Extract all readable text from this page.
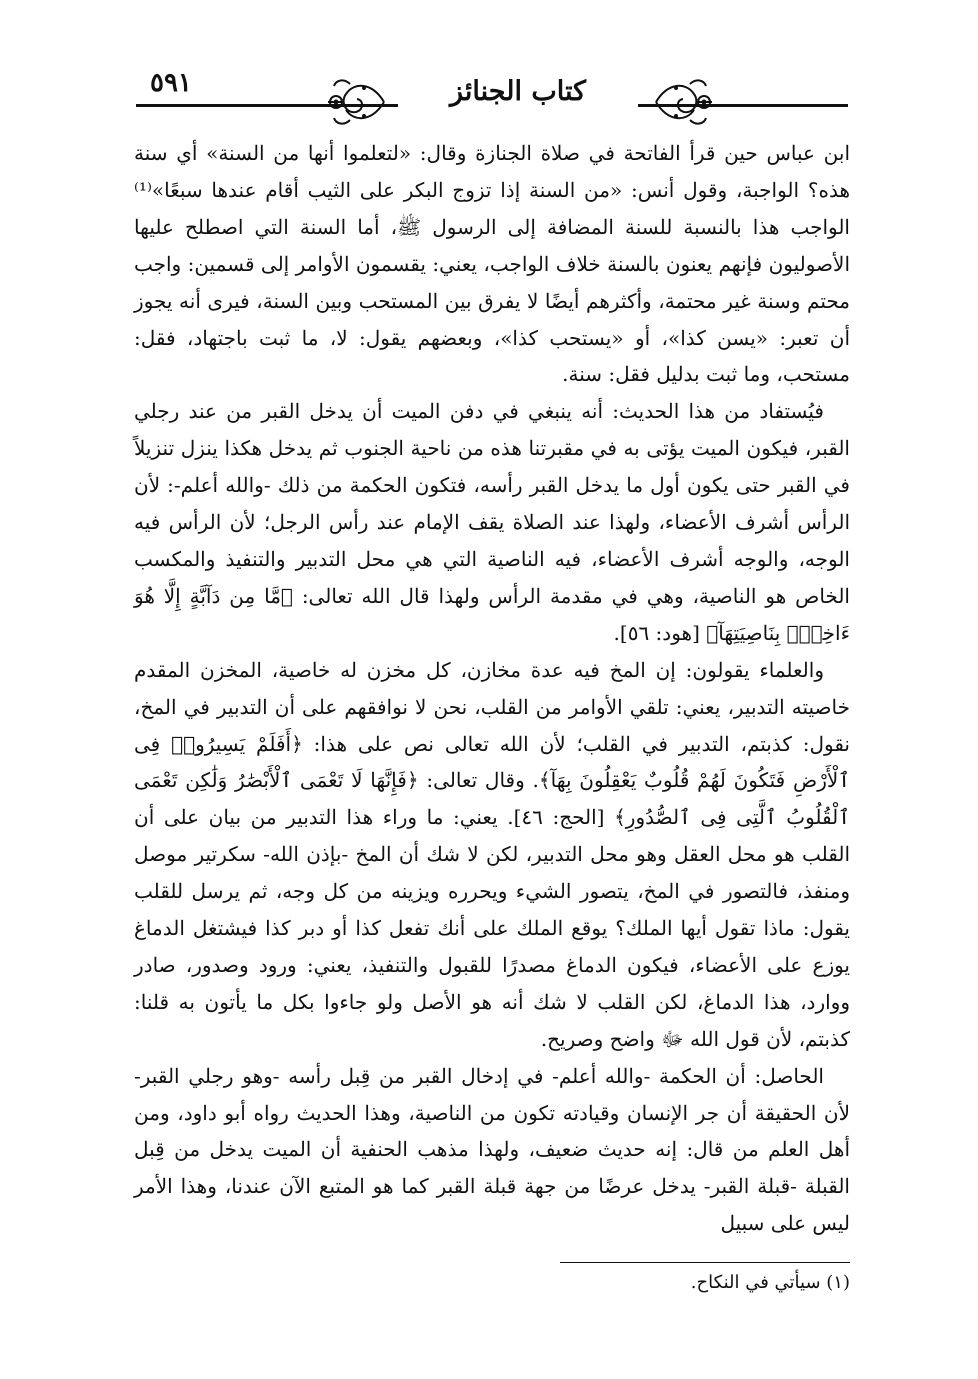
٥٩١	كتاب الجنائز

ابن عباس حين قرأ الفاتحة في صلاة الجنازة وقال: «لتعلموا أنها من السنة» أي سنة هذه؟ الواجبة، وقول أنس: «من السنة إذا تزوج البكر على الثيب أقام عندها سبعًا»⁽¹⁾ الواجب هذا بالنسبة للسنة المضافة إلى الرسول ﷺ، أما السنة التي اصطلح عليها الأصوليون فإنهم يعنون بالسنة خلاف الواجب، يعني: يقسمون الأوامر إلى قسمين: واجب محتم وسنة غير محتمة، وأكثرهم أيضًا لا يفرق بين المستحب وبين السنة، فيرى أنه يجوز أن تعبر: «يسن كذا»، أو «يستحب كذا»، وبعضهم يقول: لا، ما ثبت باجتهاد، فقل: مستحب، وما ثبت بدليل فقل: سنة.

فيُستفاد من هذا الحديث: أنه ينبغي في دفن الميت أن يدخل القبر من عند رجلي القبر، فيكون الميت يؤتى به في مقبرتنا هذه من ناحية الجنوب ثم يدخل هكذا ينزل تنزيلاً في القبر حتى يكون أول ما يدخل القبر رأسه، فتكون الحكمة من ذلك -والله أعلم-: لأن الرأس أشرف الأعضاء، ولهذا عند الصلاة يقف الإمام عند رأس الرجل؛ لأن الرأس فيه الوجه، والوجه أشرف الأعضاء، فيه الناصية التي هي محل التدبير والتنفيذ والمكسب الخاص هو الناصية، وهي في مقدمة الرأس ولهذا قال الله تعالى: ﴿مَّا مِن دَآبَّةٍ إِلَّا هُوَ ءَاخِذٌۢ بِنَاصِيَتِهَآ﴾ [هود: ٥٦].

والعلماء يقولون: إن المخ فيه عدة مخازن، كل مخزن له خاصية، المخزن المقدم خاصيته التدبير، يعني: تلقي الأوامر من القلب، نحن لا نوافقهم على أن التدبير في المخ، نقول: كذبتم، التدبير في القلب؛ لأن الله تعالى نص على هذا: ﴿أَفَلَمْ يَسِيرُوا۟ فِى ٱلْأَرْضِ فَتَكُونَ لَهُمْ قُلُوبٌ يَعْقِلُونَ بِهَآ﴾. وقال تعالى: ﴿فَإِنَّهَا لَا تَعْمَى ٱلْأَبْصَٰرُ وَلَٰكِن تَعْمَى ٱلْقُلُوبُ ٱلَّتِى فِى ٱلصُّدُورِ﴾ [الحج: ٤٦]. يعني: ما وراء هذا التدبير من بيان على أن القلب هو محل العقل وهو محل التدبير، لكن لا شك أن المخ -بإذن الله- سكرتير موصل ومنفذ، فالتصور في المخ، يتصور الشيء ويحرره ويزينه من كل وجه، ثم يرسل للقلب يقول: ماذا تقول أيها الملك؟ يوقع الملك على أنك تفعل كذا أو دبر كذا فيشتغل الدماغ يوزع على الأعضاء، فيكون الدماغ مصدرًا للقبول والتنفيذ، يعني: ورود وصدور، صادر ووارد، هذا الدماغ، لكن القلب لا شك أنه هو الأصل ولو جاءوا بكل ما يأتون به قلنا: كذبتم، لأن قول الله ﷻ واضح وصريح.

الحاصل: أن الحكمة -والله أعلم- في إدخال القبر من قِبل رأسه -وهو رجلي القبر- لأن الحقيقة أن جر الإنسان وقيادته تكون من الناصية، وهذا الحديث رواه أبو داود، ومن أهل العلم من قال: إنه حديث ضعيف، ولهذا مذهب الحنفية أن الميت يدخل من قِبل القبلة -قبلة القبر- يدخل عرضًا من جهة قبلة القبر كما هو المتبع الآن عندنا، وهذا الأمر ليس على سبيل

(١) سيأتي في النكاح.
